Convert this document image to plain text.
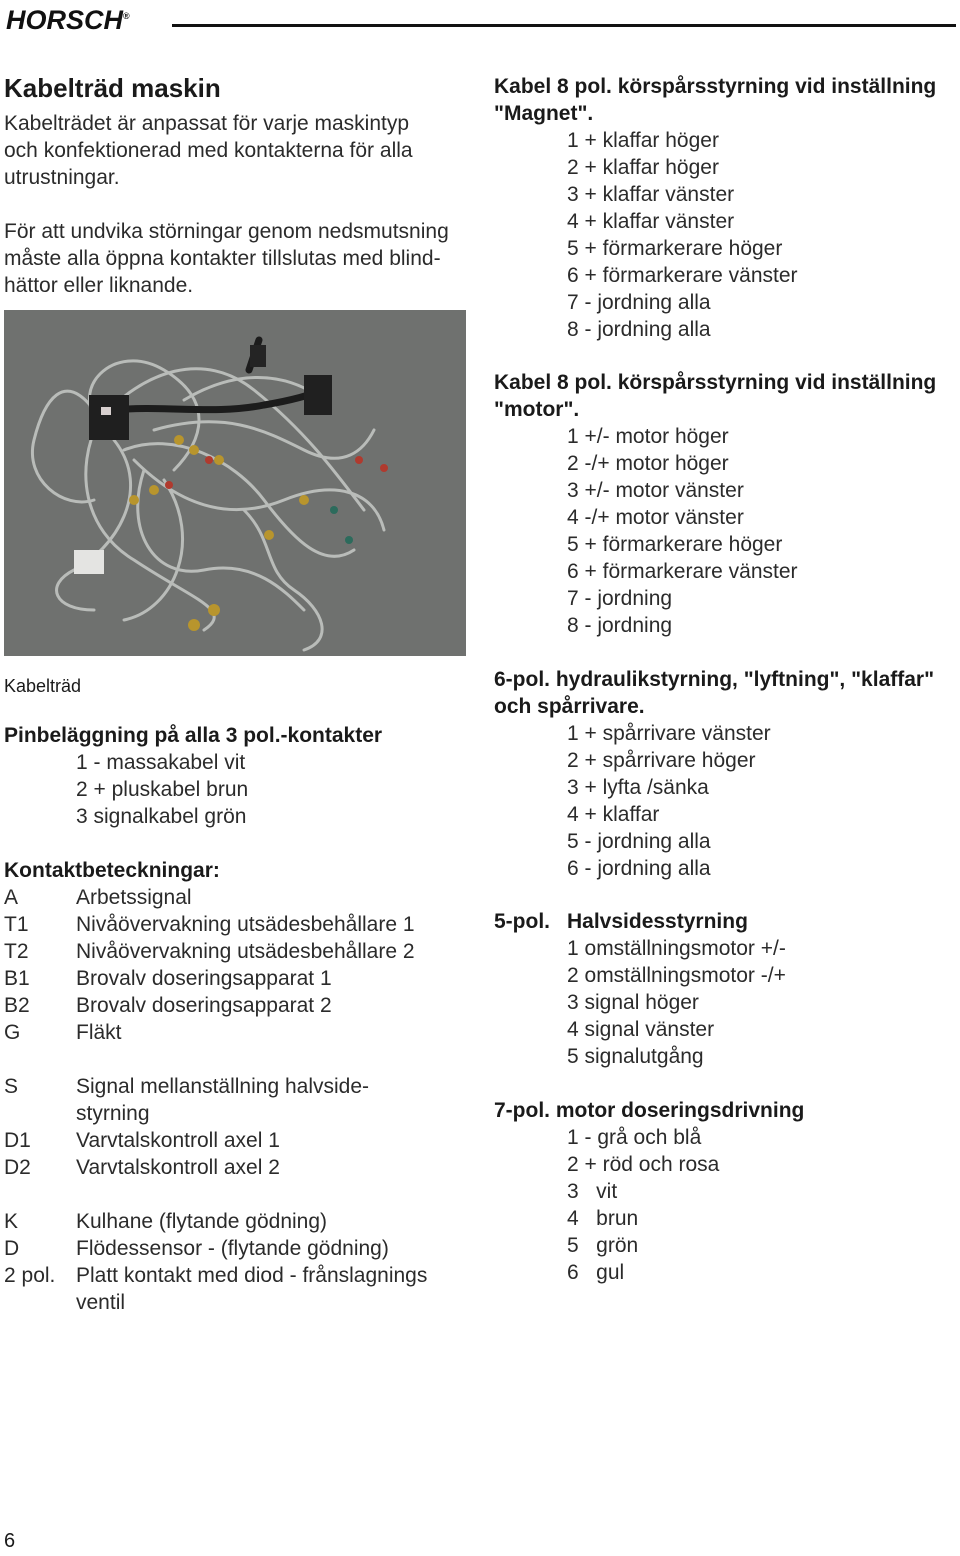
HORSCH®
Kabelträd maskin
Kabelträdet är anpassat för varje maskintyp
och konfektionerad med kontakterna för alla
utrustningar.
För att undvika störningar genom nedsmutsning
måste alla öppna kontakter tillslutas med blind-
hättor eller liknande.
Kabelträd
Pinbeläggning på alla 3 pol.-kontakter
1 - massakabel vit
2 + pluskabel brun
3 signalkabel grön
Kontaktbeteckningar:
A	Arbetssignal
T1	Nivåövervakning utsädesbehållare 1
T2	Nivåövervakning utsädesbehållare 2
B1	Brovalv doseringsapparat 1
B2	Brovalv doseringsapparat 2
G	Fläkt
S	Signal mellanställning halvside-
styrning
D1	Varvtalskontroll axel 1
D2	Varvtalskontroll axel 2
K	Kulhane (flytande gödning)
D	Flödessensor - (flytande gödning)
2 pol. Platt kontakt med diod - frånslagnings
ventil
Kabel 8 pol. körspårsstyrning vid inställning
"Magnet".
1 + klaffar höger
2 + klaffar höger
3 + klaffar vänster
4 + klaffar vänster
5 + förmarkerare höger
6 + förmarkerare vänster
7 - jordning alla
8 - jordning alla
Kabel 8 pol. körspårsstyrning vid inställning
"motor".
1 +/- motor höger
2 -/+ motor höger
3 +/- motor vänster
4 -/+ motor vänster
5 + förmarkerare höger
6 + förmarkerare vänster
7 - jordning
8 - jordning
6-pol. hydraulikstyrning, "lyftning", "klaffar"
och spårrivare.
1 + spårrivare vänster
2 + spårrivare höger
3 + lyfta /sänka
4 + klaffar
5 - jordning alla
6 - jordning alla
5-pol. Halvsidesstyrning
1 omställningsmotor +/-
2 omställningsmotor -/+
3 signal höger
4 signal vänster
5 signalutgång
7-pol. motor doseringsdrivning
1 - grå och blå
2 + röd och rosa
3   vit
4   brun
5   grön
6   gul
6
